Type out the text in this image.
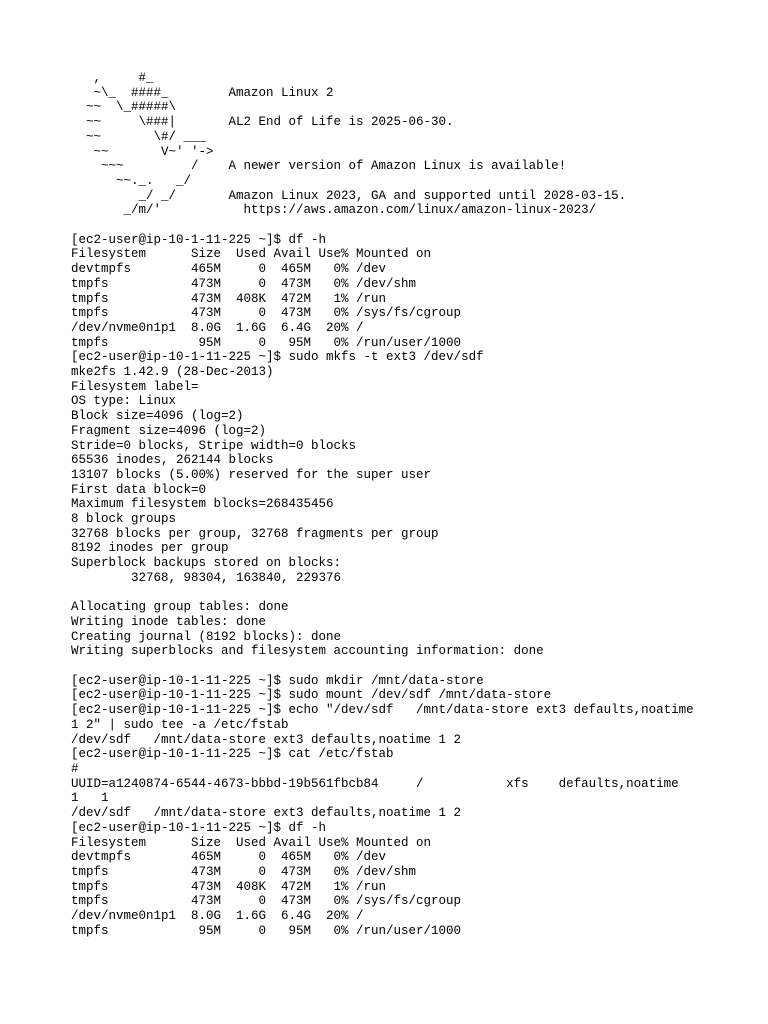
,     #_
~\_  ####_        Amazon Linux 2
~~  \_#####\
~~     \###|       AL2 End of Life is 2025-06-30.
~~       \#/ ___
~~       V~' '->
~~~         /    A newer version of Amazon Linux is available!
~~._.   _/
_/ _/       Amazon Linux 2023, GA and supported until 2028-03-15.
_/m/'           https://aws.amazon.com/linux/amazon-linux-2023/
[ec2-user@ip-10-1-11-225 ~]$ df -h
Filesystem      Size  Used Avail Use% Mounted on
devtmpfs        465M     0  465M   0% /dev
tmpfs           473M     0  473M   0% /dev/shm
tmpfs           473M  408K  472M   1% /run
tmpfs           473M     0  473M   0% /sys/fs/cgroup
/dev/nvme0n1p1  8.0G  1.6G  6.4G  20% /
tmpfs            95M     0   95M   0% /run/user/1000
[ec2-user@ip-10-1-11-225 ~]$ sudo mkfs -t ext3 /dev/sdf
mke2fs 1.42.9 (28-Dec-2013)
Filesystem label=
OS type: Linux
Block size=4096 (log=2)
Fragment size=4096 (log=2)
Stride=0 blocks, Stripe width=0 blocks
65536 inodes, 262144 blocks
13107 blocks (5.00%) reserved for the super user
First data block=0
Maximum filesystem blocks=268435456
8 block groups
32768 blocks per group, 32768 fragments per group
8192 inodes per group
Superblock backups stored on blocks:
32768, 98304, 163840, 229376
Allocating group tables: done
Writing inode tables: done
Creating journal (8192 blocks): done
Writing superblocks and filesystem accounting information: done
[ec2-user@ip-10-1-11-225 ~]$ sudo mkdir /mnt/data-store
[ec2-user@ip-10-1-11-225 ~]$ sudo mount /dev/sdf /mnt/data-store
[ec2-user@ip-10-1-11-225 ~]$ echo "/dev/sdf   /mnt/data-store ext3 defaults,noatime
1 2" | sudo tee -a /etc/fstab
/dev/sdf   /mnt/data-store ext3 defaults,noatime 1 2
[ec2-user@ip-10-1-11-225 ~]$ cat /etc/fstab
#
UUID=a1240874-6544-4673-bbbd-19b561fbcb84     /           xfs    defaults,noatime
1   1
/dev/sdf   /mnt/data-store ext3 defaults,noatime 1 2
[ec2-user@ip-10-1-11-225 ~]$ df -h
Filesystem      Size  Used Avail Use% Mounted on
devtmpfs        465M     0  465M   0% /dev
tmpfs           473M     0  473M   0% /dev/shm
tmpfs           473M  408K  472M   1% /run
tmpfs           473M     0  473M   0% /sys/fs/cgroup
/dev/nvme0n1p1  8.0G  1.6G  6.4G  20% /
tmpfs            95M     0   95M   0% /run/user/1000
